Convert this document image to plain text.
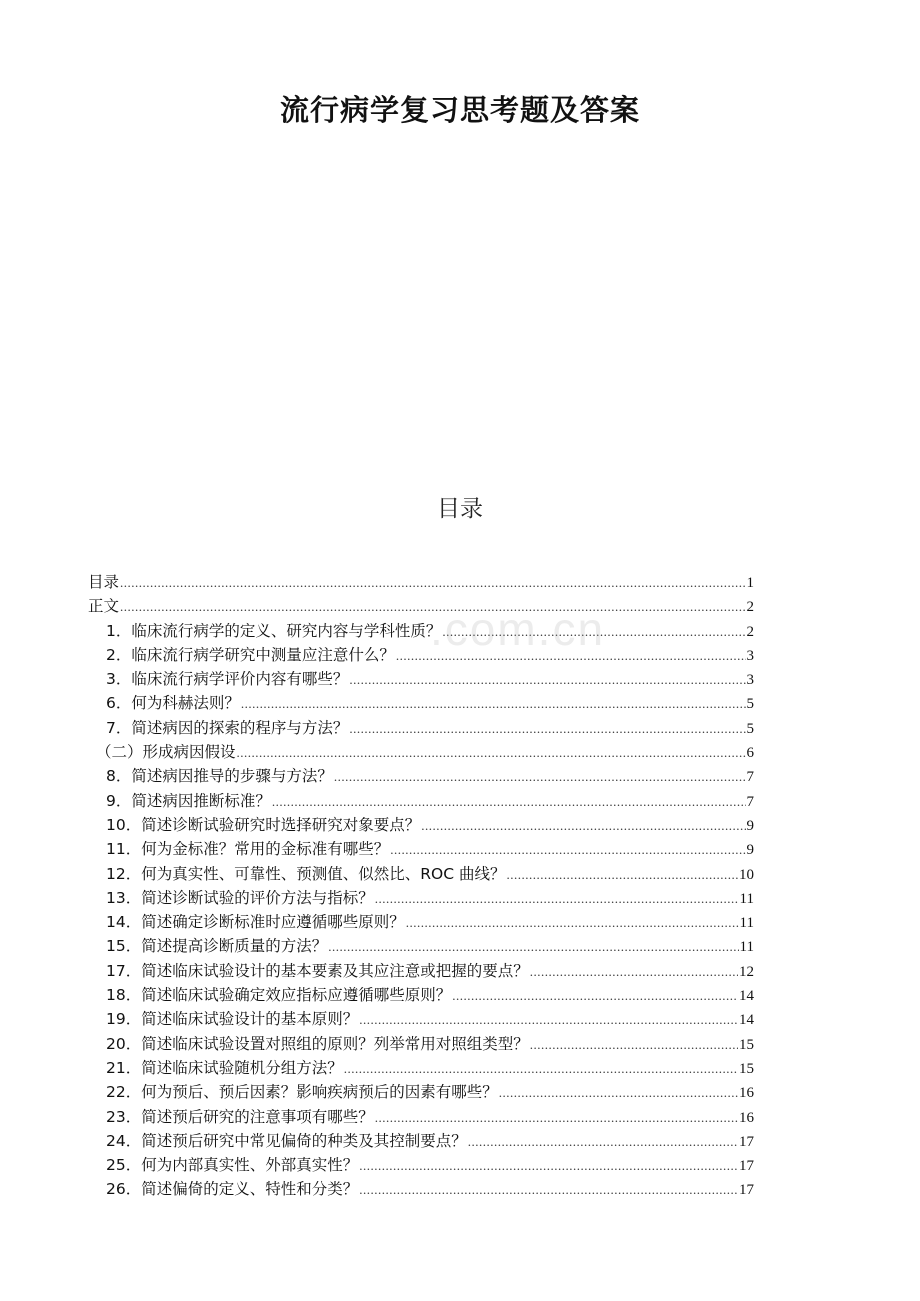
流行病学复习思考题及答案
目录
目录 .....	1
正文 .....	2
1．临床流行病学的定义、研究内容与学科性质？ .....	2
2．临床流行病学研究中测量应注意什么？ .....	3
3．临床流行病学评价内容有哪些？ .....	3
6．何为科赫法则？ .....	5
7．简述病因的探索的程序与方法？ .....	5
（二）形成病因假设 .....	6
8．简述病因推导的步骤与方法？ .....	7
9．简述病因推断标准？ .....	7
10．简述诊断试验研究时选择研究对象要点？ .....	9
11．何为金标准？常用的金标准有哪些？ .....	9
12．何为真实性、可靠性、预测值、似然比、ROC 曲线？ .....	10
13．简述诊断试验的评价方法与指标？ .....	11
14．简述确定诊断标准时应遵循哪些原则？ .....	11
15．简述提高诊断质量的方法？ .....	11
17．简述临床试验设计的基本要素及其应注意或把握的要点？ .....	12
18．简述临床试验确定效应指标应遵循哪些原则？ .....	14
19．简述临床试验设计的基本原则？ .....	14
20．简述临床试验设置对照组的原则？列举常用对照组类型？ .....	15
21．简述临床试验随机分组方法？ .....	15
22．何为预后、预后因素？影响疾病预后的因素有哪些？ .....	16
23．简述预后研究的注意事项有哪些？ .....	16
24．简述预后研究中常见偏倚的种类及其控制要点？ .....	17
25．何为内部真实性、外部真实性？ .....	17
26．简述偏倚的定义、特性和分类？ .....	17
.com.cn
